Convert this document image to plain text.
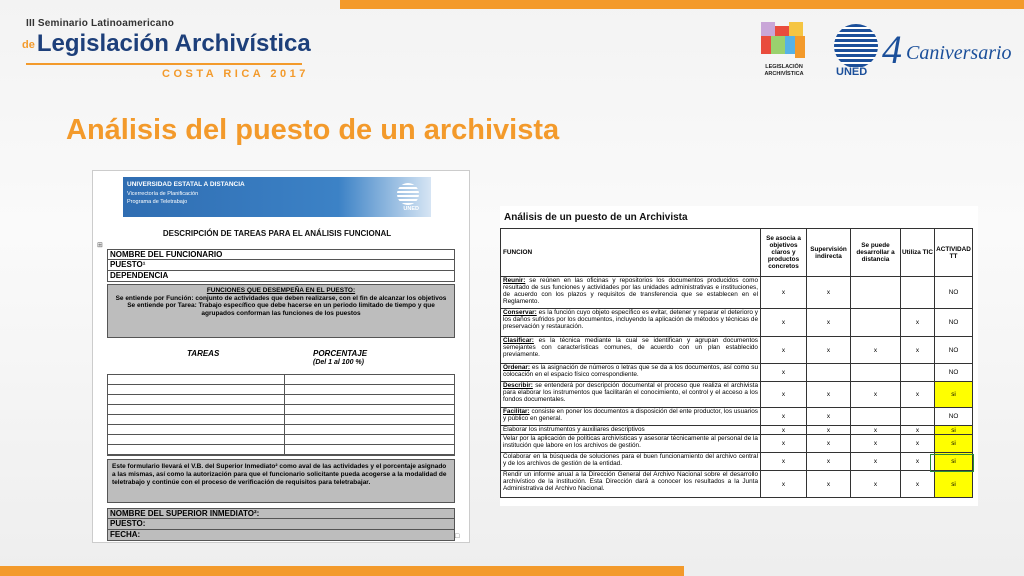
III Seminario Latinoamericano
deLegislación Archivística
COSTA RICA 2017
LEGISLACIÓN ARCHIVÍSTICA	UNED 4 Caniversario
Análisis del puesto de un archivista
UNIVERSIDAD ESTATAL A DISTANCIA
Vicerrectoría de Planificación
Programa de Teletrabajo
UNED
DESCRIPCIÓN DE TAREAS PARA EL ANÁLISIS FUNCIONAL
⊞
NOMBRE DEL FUNCIONARIO
PUESTO¹
DEPENDENCIA
FUNCIONES QUE DESEMPEÑA EN EL PUESTO:
Se entiende por Función: conjunto de actividades que deben realizarse, con el fin de alcanzar los objetivos
Se entiende por Tarea: Trabajo específico que debe hacerse en un periodo limitado de tiempo y que agrupados conforman las funciones de los puestos
TAREAS	PORCENTAJE
(Del 1 al 100 %)
Este formulario llevará el V.B. del Superior Inmediato² como aval de las actividades y el porcentaje asignado a las mismas, así como la autorización para que el funcionario solicitante pueda acogerse a la modalidad de teletrabajo y continúe con el proceso de verificación de requisitos para teletrabajar.
NOMBRE DEL SUPERIOR INMEDIATO²:
PUESTO:
FECHA:	□
Análisis de un puesto de un Archivista
FUNCION	Se asocia a objetivos claros y productos concretos	Supervisión indirecta	Se puede desarrollar a distancia	Utiliza TIC	ACTIVIDAD TT
Reunir: se reúnen en las oficinas y repositorios los documentos producidos como resultado de sus funciones y actividades por las unidades administrativas e instituciones, de acuerdo con los plazos y requisitos de transferencia que se establecen en el Reglamento.	x	x			NO
Conservar: es la función cuyo objeto específico es evitar, detener y reparar el deterioro y los daños sufridos por los documentos, incluyendo la aplicación de métodos y técnicas de preservación y restauración.	x	x		x	NO
Clasificar: es la técnica mediante la cual se identifican y agrupan documentos semejantes con características comunes, de acuerdo con un plan establecido previamente.	x	x	x	x	NO
Ordenar: es la asignación de números o letras que se da a los documentos, así como su colocación en el espacio físico correspondiente.	x				NO
Describir: se entenderá por descripción documental el proceso que realiza el archivista para elaborar los instrumentos que facilitarán el conocimiento, el control y el acceso a los fondos documentales.	x	x	x	x	si
Facilitar: consiste en poner los documentos a disposición del ente productor, los usuarios y público en general.	x	x			NO
Elaborar los instrumentos y auxiliares descriptivos	x	x	x	x	si
Velar por la aplicación de políticas archivísticas y asesorar técnicamente al personal de la institución que labore en los archivos de gestión.	x	x	x	x	si
Colaborar en la búsqueda de soluciones para el buen funcionamiento del archivo central y de los archivos de gestión de la entidad.	x	x	x	x	si
Rendir un informe anual a la Dirección General del Archivo Nacional sobre el desarrollo archivístico de la institución. Esta Dirección dará a conocer los resultados a la Junta Administrativa del Archivo Nacional.	x	x	x	x	si
